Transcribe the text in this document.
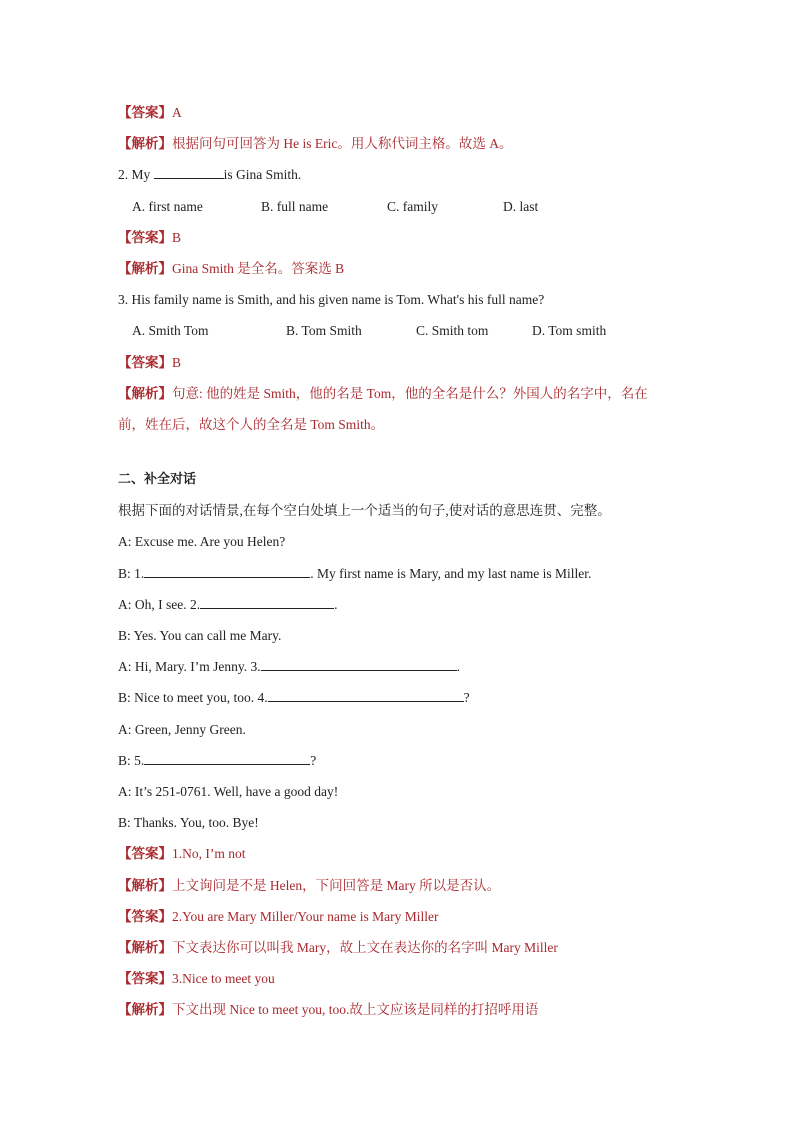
【答案】A
【解析】根据问句可回答为 He is Eric。用人称代词主格。故选 A。
2. My	is Gina Smith.
A. first name	B. full name	C. family	D. last
【答案】B
【解析】Gina Smith 是全名。答案选 B
3. His family name is Smith, and his given name is Tom. What's his full name?
A. Smith Tom	B. Tom Smith	C. Smith tom	D. Tom smith
【答案】B
【解析】句意: 他的姓是 Smith，他的名是 Tom，他的全名是什么？外国人的名字中，名在
前，姓在后，故这个人的全名是 Tom Smith。
二、补全对话
根据下面的对话情景,在每个空白处填上一个适当的句子,使对话的意思连贯、完整。
A: Excuse me. Are you Helen?
B: 1.	. My first name is Mary, and my last name is Miller.
A: Oh, I see. 2.	.
B: Yes. You can call me Mary.
A: Hi, Mary. I’m Jenny. 3.	.
B: Nice to meet you, too. 4.	?
A: Green, Jenny Green.
B: 5.	?
A: It’s 251-0761. Well, have a good day!
B: Thanks. You, too. Bye!
【答案】1.No, I’m not
【解析】上文询问是不是 Helen，下问回答是 Mary 所以是否认。
【答案】2.You are Mary Miller/Your name is Mary Miller
【解析】下文表达你可以叫我 Mary，故上文在表达你的名字叫 Mary Miller
【答案】3.Nice to meet you
【解析】下文出现 Nice to meet you, too.故上文应该是同样的打招呼用语
